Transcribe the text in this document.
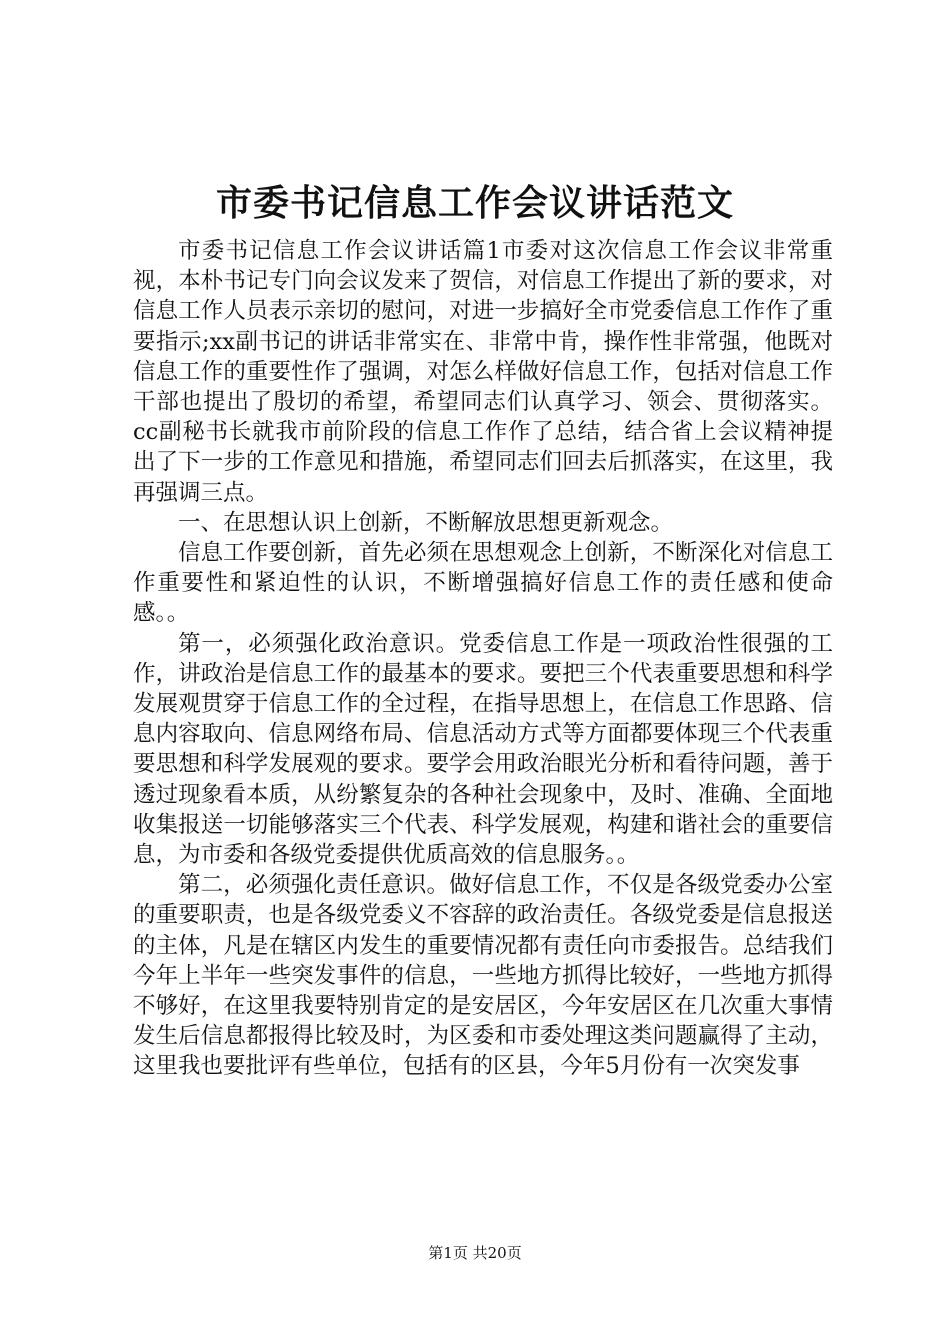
市委书记信息工作会议讲话范文

市委书记信息工作会议讲话篇1市委对这次信息工作会议非常重视，本朴书记专门向会议发来了贺信，对信息工作提出了新的要求，对信息工作人员表示亲切的慰问，对进一步搞好全市党委信息工作作了重要指示;xx副书记的讲话非常实在、非常中肯，操作性非常强，他既对信息工作的重要性作了强调，对怎么样做好信息工作，包括对信息工作干部也提出了殷切的希望，希望同志们认真学习、领会、贯彻落实。cc副秘书长就我市前阶段的信息工作作了总结，结合省上会议精神提出了下一步的工作意见和措施，希望同志们回去后抓落实，在这里，我再强调三点。

一、在思想认识上创新，不断解放思想更新观念。

信息工作要创新，首先必须在思想观念上创新，不断深化对信息工作重要性和紧迫性的认识，不断增强搞好信息工作的责任感和使命感。。

第一，必须强化政治意识。党委信息工作是一项政治性很强的工作，讲政治是信息工作的最基本的要求。要把三个代表重要思想和科学发展观贯穿于信息工作的全过程，在指导思想上，在信息工作思路、信息内容取向、信息网络布局、信息活动方式等方面都要体现三个代表重要思想和科学发展观的要求。要学会用政治眼光分析和看待问题，善于透过现象看本质，从纷繁复杂的各种社会现象中，及时、准确、全面地收集报送一切能够落实三个代表、科学发展观，构建和谐社会的重要信息，为市委和各级党委提供优质高效的信息服务。。

第二，必须强化责任意识。做好信息工作，不仅是各级党委办公室的重要职责，也是各级党委义不容辞的政治责任。各级党委是信息报送的主体，凡是在辖区内发生的重要情况都有责任向市委报告。总结我们今年上半年一些突发事件的信息，一些地方抓得比较好，一些地方抓得不够好，在这里我要特别肯定的是安居区，今年安居区在几次重大事情发生后信息都报得比较及时，为区委和市委处理这类问题赢得了主动，这里我也要批评有些单位，包括有的区县，今年5月份有一次突发事

第1页 共20页
